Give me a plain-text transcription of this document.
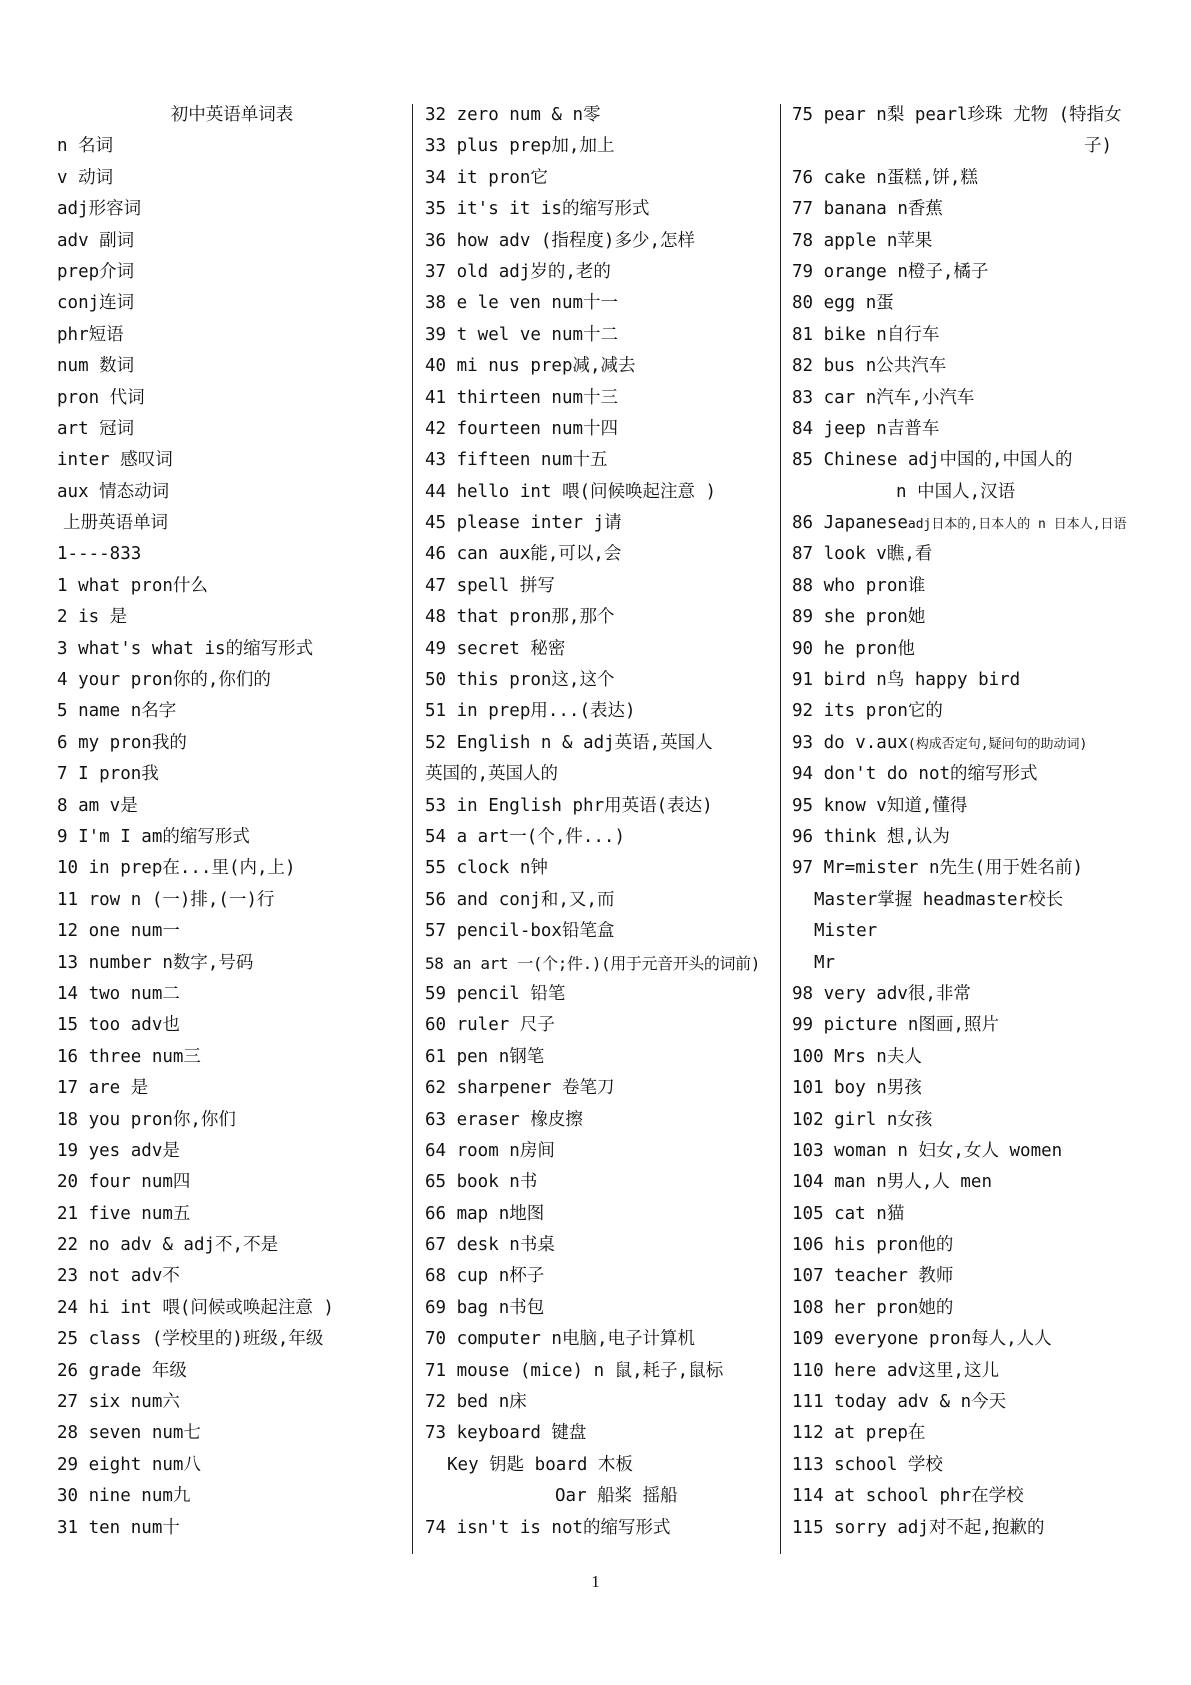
初中英语单词表
n 名词
v 动词
adj形容词
adv 副词
prep介词
conj连词
phr短语
num 数词
pron 代词
art 冠词
inter 感叹词
aux 情态动词
上册英语单词
1----833
1 what pron什么
2 is 是
3 what's what is的缩写形式
4 your pron你的,你们的
5 name n名字
6 my pron我的
7 I pron我
8 am v是
9 I'm I am的缩写形式
10 in prep在...里(内,上)
11 row n (一)排,(一)行
12 one num一
13 number n数字,号码
14 two num二
15 too adv也
16 three num三
17 are 是
18 you pron你,你们
19 yes adv是
20 four num四
21 five num五
22 no adv & adj不,不是
23 not adv不
24 hi int 喂(问候或唤起注意 )
25 class (学校里的)班级,年级
26 grade 年级
27 six num六
28 seven num七
29 eight num八
30 nine num九
31 ten num十
32 zero num & n零
33 plus prep加,加上
34 it pron它
35 it's it is的缩写形式
36 how adv (指程度)多少,怎样
37 old adj岁的,老的
38 e le ven num十一
39 t wel ve num十二
40 mi nus prep减,减去
41 thirteen num十三
42 fourteen num十四
43 fifteen num十五
44 hello int 喂(问候唤起注意 )
45 please inter j请
46 can aux能,可以,会
47 spell 拼写
48 that pron那,那个
49 secret 秘密
50 this pron这,这个
51 in prep用...(表达)
52 English n & adj英语,英国人
英国的,英国人的
53 in English phr用英语(表达)
54 a art一(个,件...)
55 clock n钟
56 and conj和,又,而
57 pencil-box铅笔盒
58 an art 一(个;件.)(用于元音开头的词前)
59 pencil 铅笔
60 ruler 尺子
61 pen n钢笔
62 sharpener 卷笔刀
63 eraser 橡皮擦
64 room n房间
65 book n书
66 map n地图
67 desk n书桌
68 cup n杯子
69 bag n书包
70 computer n电脑,电子计算机
71 mouse (mice) n 鼠,耗子,鼠标
72 bed n床
73 keyboard 键盘
Key 钥匙 board 木板
Oar 船桨 摇船
74 isn't is not的缩写形式
75 pear n梨 pearl珍珠 尤物 (特指女
子)
76 cake n蛋糕,饼,糕
77 banana n香蕉
78 apple n苹果
79 orange n橙子,橘子
80 egg n蛋
81 bike n自行车
82 bus n公共汽车
83 car n汽车,小汽车
84 jeep n吉普车
85 Chinese adj中国的,中国人的
n 中国人,汉语
86 Japaneseadj日本的,日本人的 n 日本人,日语
87 look v瞧,看
88 who pron谁
89 she pron她
90 he pron他
91 bird n鸟 happy bird
92 its pron它的
93 do v.aux(构成否定句,疑问句的助动词)
94 don't do not的缩写形式
95 know v知道,懂得
96 think 想,认为
97 Mr=mister n先生(用于姓名前)
Master掌握 headmaster校长
Mister
Mr
98 very adv很,非常
99 picture n图画,照片
100 Mrs n夫人
101 boy n男孩
102 girl n女孩
103 woman n 妇女,女人 women
104 man n男人,人 men
105 cat n猫
106 his pron他的
107 teacher 教师
108 her pron她的
109 everyone pron每人,人人
110 here adv这里,这儿
111 today adv & n今天
112 at prep在
113 school 学校
114 at school phr在学校
115 sorry adj对不起,抱歉的
1
